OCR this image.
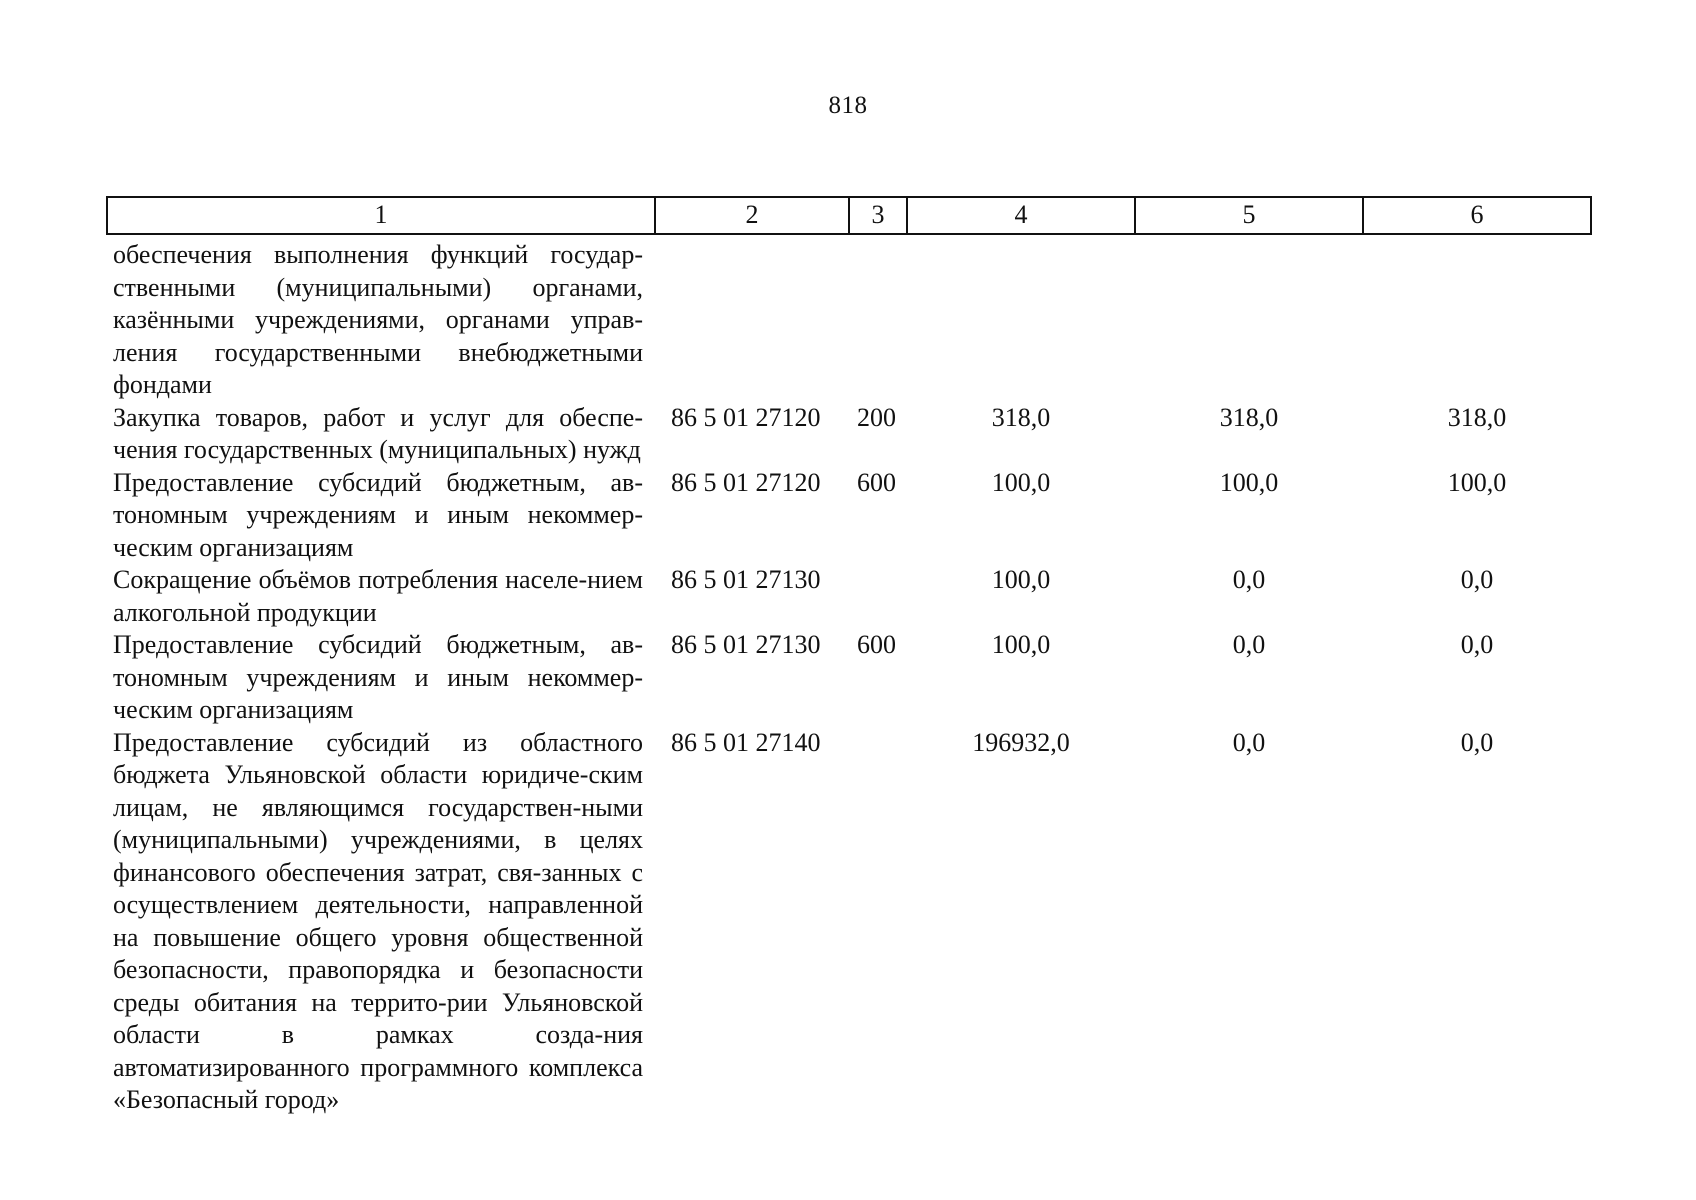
818
1	2	3	4	5	6
обеспечения выполнения функций государ-ственными (муниципальными) органами, казёнными учреждениями, органами управ-ления государственными внебюджетными фондами					
Закупка товаров, работ и услуг для обеспе-чения государственных (муниципальных) нужд	86 5 01 27120	200	318,0	318,0	318,0
Предоставление субсидий бюджетным, ав-тономным учреждениям и иным некоммер-ческим организациям	86 5 01 27120	600	100,0	100,0	100,0
Сокращение объёмов потребления населе-нием алкогольной продукции	86 5 01 27130		100,0	0,0	0,0
Предоставление субсидий бюджетным, ав-тономным учреждениям и иным некоммер-ческим организациям	86 5 01 27130	600	100,0	0,0	0,0
Предоставление субсидий из областного бюджета Ульяновской области юридиче-ским лицам, не являющимся государствен-ными (муниципальными) учреждениями, в целях финансового обеспечения затрат, свя-занных с осуществлением деятельности, направленной на повышение общего уровня общественной безопасности, правопорядка и безопасности среды обитания на террито-рии Ульяновской области в рамках созда-ния автоматизированного программного комплекса «Безопасный город»	86 5 01 27140		196932,0	0,0	0,0
